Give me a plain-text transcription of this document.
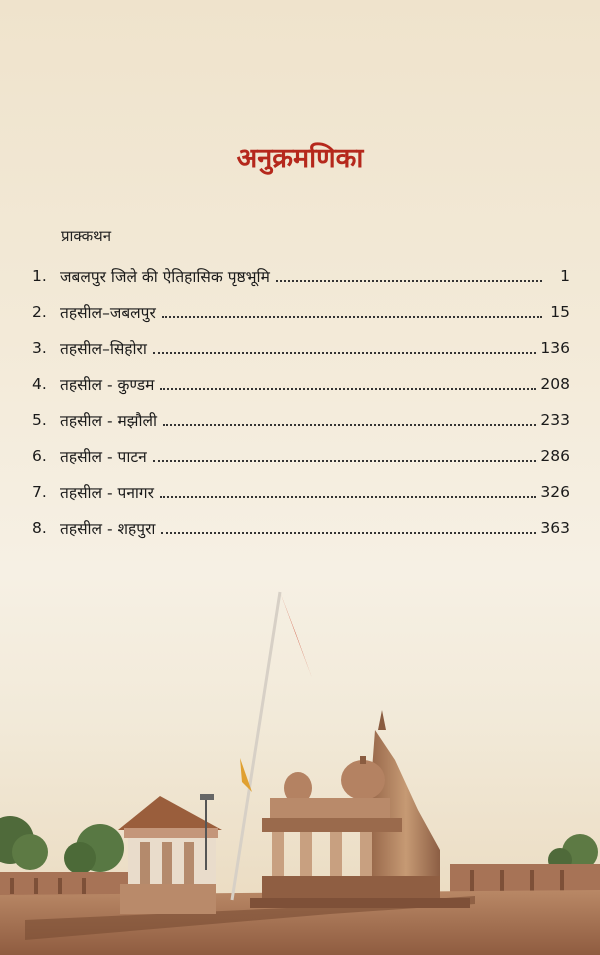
अनुक्रमणिका
प्राक्कथन
1. जबलपुर जिले की ऐतिहासिक पृष्ठभूमि	1
2. तहसील–जबलपुर	15
3. तहसील–सिहोरा	136
4. तहसील - कुण्डम	208
5. तहसील - मझौली	233
6. तहसील - पाटन	286
7. तहसील - पनागर	326
8. तहसील - शहपुरा	363
